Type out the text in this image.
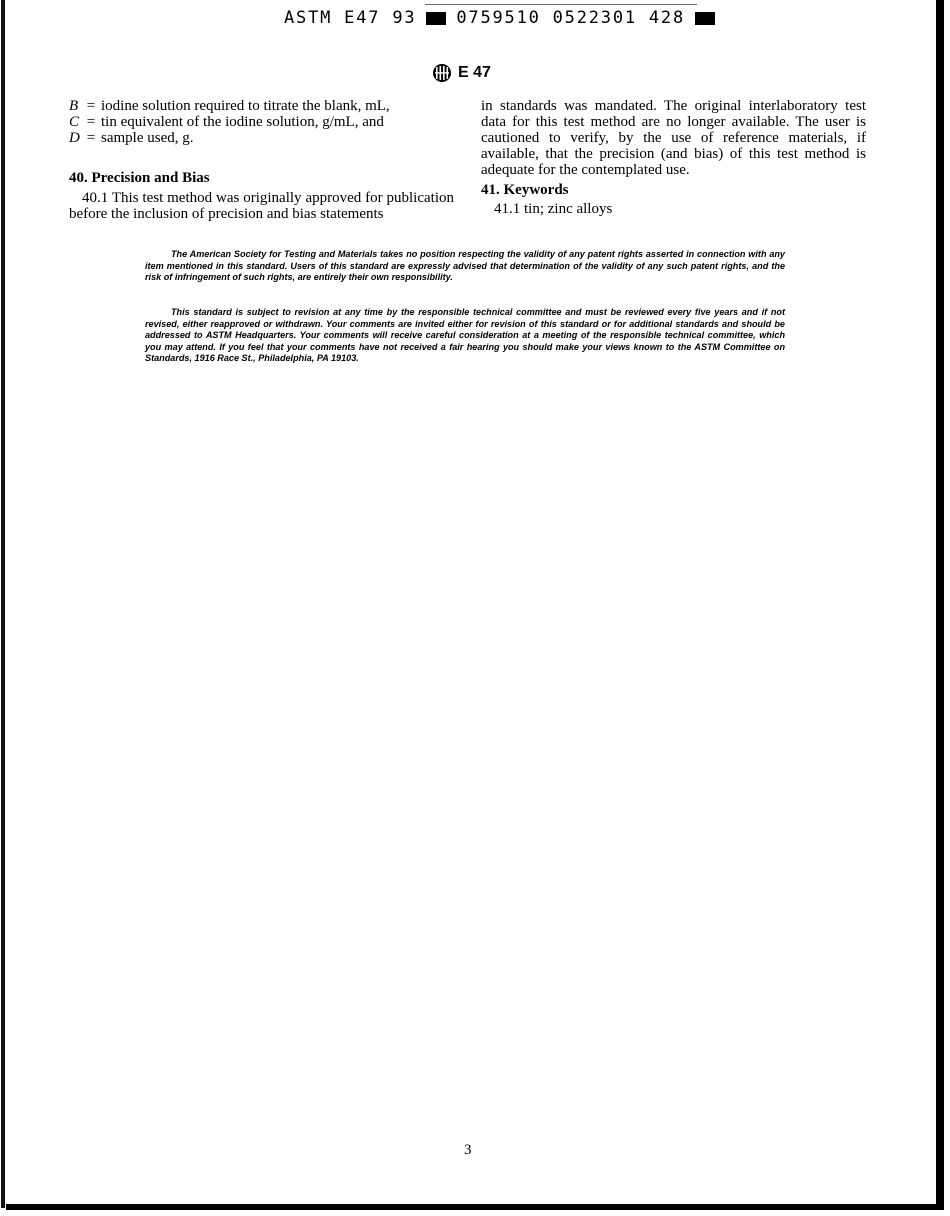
ASTM E47 93 0759510 0522301 428
E 47
B = iodine solution required to titrate the blank, mL,
C = tin equivalent of the iodine solution, g/mL, and
D = sample used, g.
40. Precision and Bias
40.1 This test method was originally approved for publication before the inclusion of precision and bias statements
in standards was mandated. The original interlaboratory test data for this test method are no longer available. The user is cautioned to verify, by the use of reference materials, if available, that the precision (and bias) of this test method is adequate for the contemplated use.
41. Keywords
41.1 tin; zinc alloys

The American Society for Testing and Materials takes no position respecting the validity of any patent rights asserted in connection with any item mentioned in this standard. Users of this standard are expressly advised that determination of the validity of any such patent rights, and the risk of infringement of such rights, are entirely their own responsibility.

This standard is subject to revision at any time by the responsible technical committee and must be reviewed every five years and if not revised, either reapproved or withdrawn. Your comments are invited either for revision of this standard or for additional standards and should be addressed to ASTM Headquarters. Your comments will receive careful consideration at a meeting of the responsible technical committee, which you may attend. If you feel that your comments have not received a fair hearing you should make your views known to the ASTM Committee on Standards, 1916 Race St., Philadelphia, PA 19103.

3
